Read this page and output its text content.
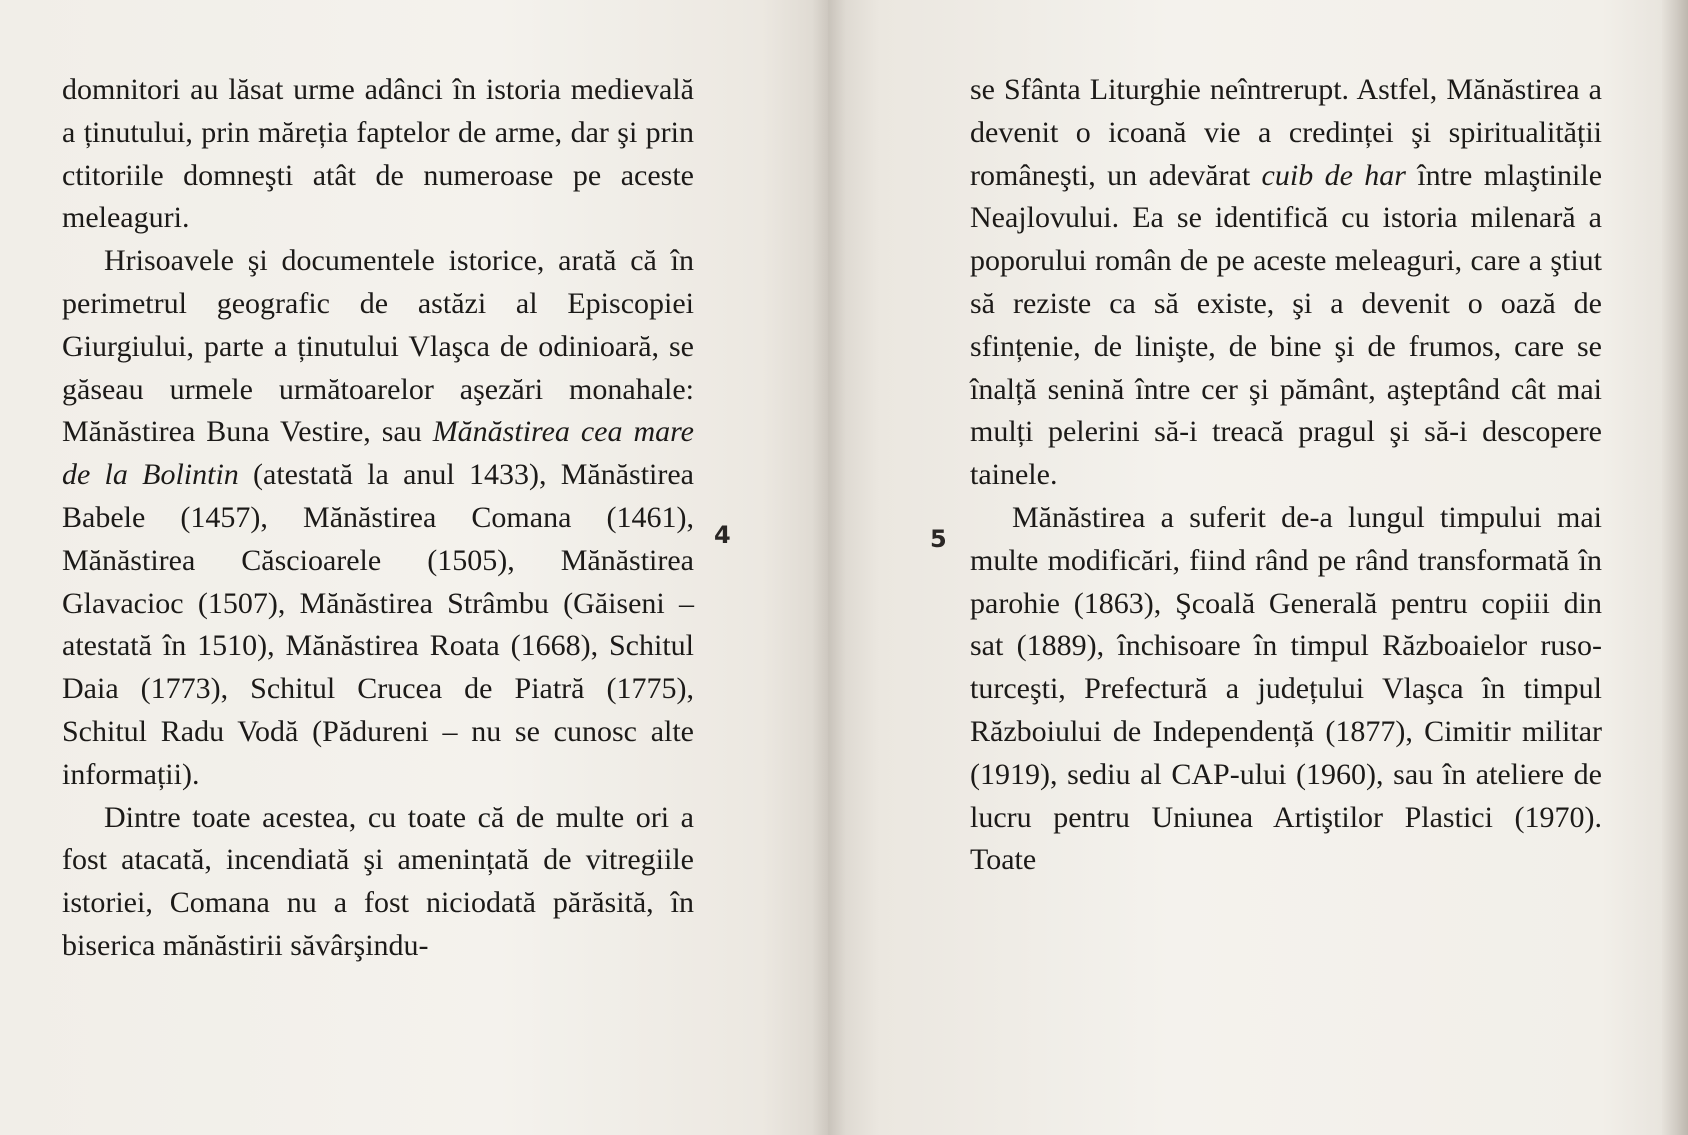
domnitori au lăsat urme adânci în istoria medievală a ținutului, prin măreția faptelor de arme, dar şi prin ctitoriile domneşti atât de numeroase pe aceste meleaguri.

Hrisoavele şi documentele istorice, arată că în perimetrul geografic de astăzi al Episcopiei Giurgiului, parte a ținutului Vlaşca de odinioară, se găseau urmele următoarelor aşezări monahale: Mănăstirea Buna Vestire, sau Mănăstirea cea mare de la Bolintin (atestată la anul 1433), Mănăstirea Babele (1457), Mănăstirea Comana (1461), Mănăstirea Căscioarele (1505), Mănăstirea Glavacioc (1507), Mănăstirea Strâmbu (Găiseni – atestată în 1510), Mănăstirea Roata (1668), Schitul Daia (1773), Schitul Crucea de Piatră (1775), Schitul Radu Vodă (Pădureni – nu se cunosc alte informații).

Dintre toate acestea, cu toate că de multe ori a fost atacată, incendiată şi amenințată de vitregiile istoriei, Comana nu a fost niciodată părăsită, în biserica mănăstirii săvârşindu-

4	5

se Sfânta Liturghie neîntrerupt. Astfel, Mănăstirea a devenit o icoană vie a credinței şi spiritualității româneşti, un adevărat cuib de har între mlaştinile Neajlovului. Ea se identifică cu istoria milenară a poporului român de pe aceste meleaguri, care a ştiut să reziste ca să existe, şi a devenit o oază de sfințenie, de linişte, de bine şi de frumos, care se înalță senină între cer şi pământ, aşteptând cât mai mulți pelerini să-i treacă pragul şi să-i descopere tainele.

Mănăstirea a suferit de-a lungul timpului mai multe modificări, fiind rând pe rând transformată în parohie (1863), Şcoală Generală pentru copiii din sat (1889), închisoare în timpul Războaielor ruso-turceşti, Prefectură a județului Vlaşca în timpul Războiului de Independență (1877), Cimitir militar (1919), sediu al CAP-ului (1960), sau în ateliere de lucru pentru Uniunea Artiştilor Plastici (1970). Toate
